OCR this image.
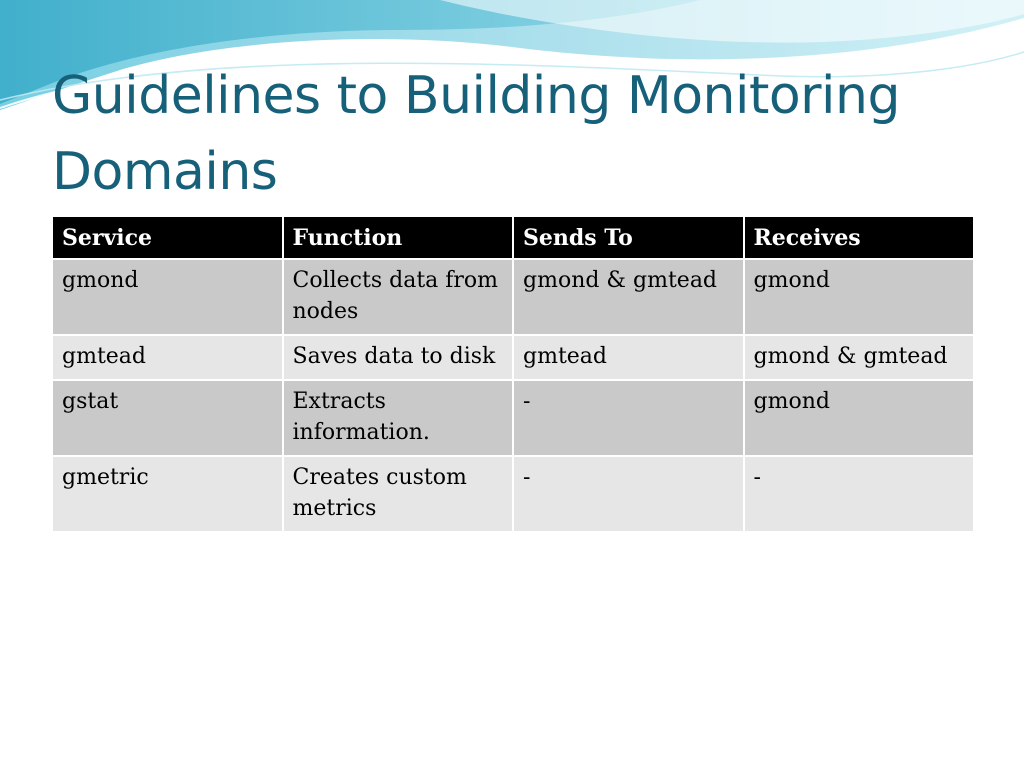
Guidelines to Building Monitoring Domains
Service	Function	Sends To	Receives
gmond	Collects data from nodes	gmond & gmtead	gmond
gmtead	Saves data to disk	gmtead	gmond & gmtead
gstat	Extracts information.	-	gmond
gmetric	Creates custom metrics	-	-
